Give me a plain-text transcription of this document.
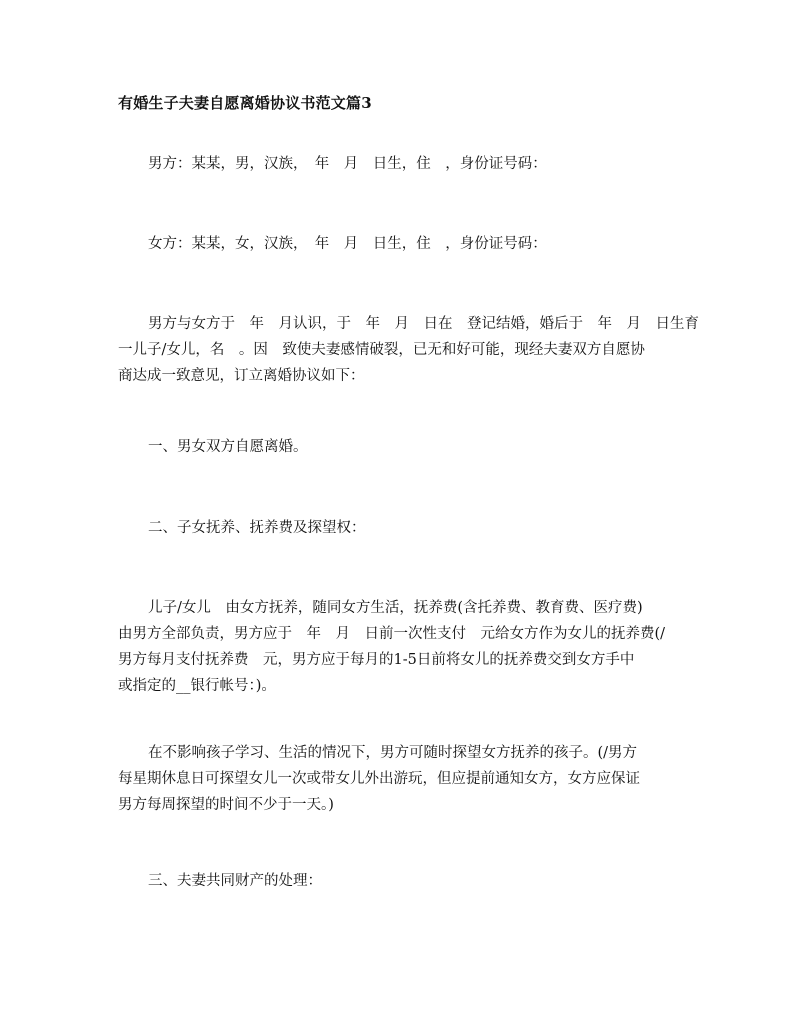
有婚生子夫妻自愿离婚协议书范文篇3

男方：某某，男，汉族，　年　月　日生，住　，身份证号码：

女方：某某，女，汉族，　年　月　日生，住　，身份证号码：

男方与女方于　年　月认识，于　年　月　日在　登记结婚，婚后于　年　月　日生育
一儿子/女儿，名　。因　致使夫妻感情破裂，已无和好可能，现经夫妻双方自愿协
商达成一致意见，订立离婚协议如下：

一、男女双方自愿离婚。

二、子女抚养、抚养费及探望权：

儿子/女儿　由女方抚养，随同女方生活，抚养费(含托养费、教育费、医疗费)
由男方全部负责，男方应于　年　月　日前一次性支付　元给女方作为女儿的抚养费(/
男方每月支付抚养费　元，男方应于每月的1-5日前将女儿的抚养费交到女方手中
或指定的__银行帐号：)。
在不影响孩子学习、生活的情况下，男方可随时探望女方抚养的孩子。(/男方
每星期休息日可探望女儿一次或带女儿外出游玩，但应提前通知女方，女方应保证
男方每周探望的时间不少于一天。)

三、夫妻共同财产的处理：
